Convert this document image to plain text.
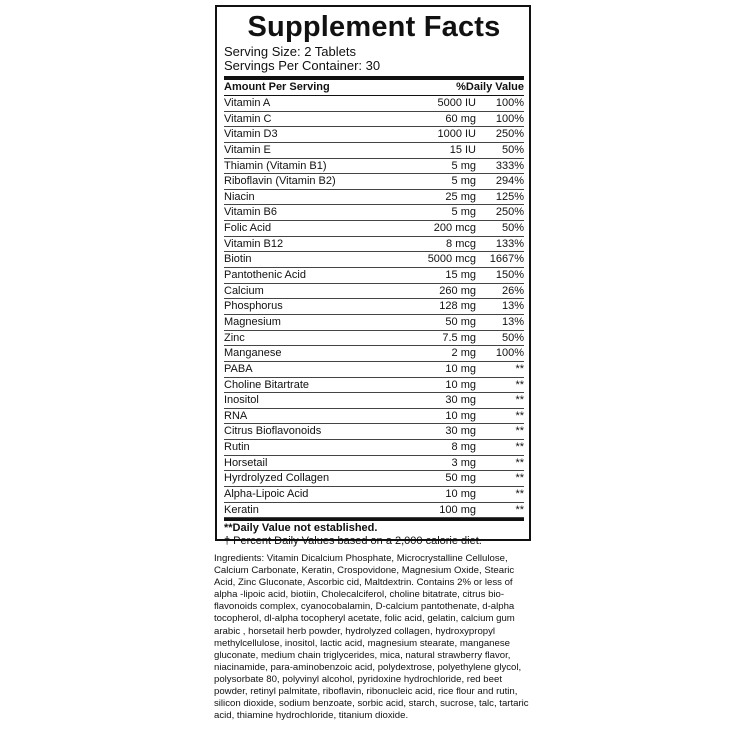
Supplement Facts
Serving Size: 2 Tablets
Servings Per Container: 30
Amount Per Serving	%Daily Value
Vitamin A	5000 IU	100%
Vitamin C	60 mg	100%
Vitamin D3	1000 IU	250%
Vitamin E	15 IU	50%
Thiamin (Vitamin B1)	5 mg	333%
Riboflavin (Vitamin B2)	5 mg	294%
Niacin	25 mg	125%
Vitamin B6	5 mg	250%
Folic Acid	200 mcg	50%
Vitamin B12	8 mcg	133%
Biotin	5000 mcg	1667%
Pantothenic Acid	15 mg	150%
Calcium	260 mg	26%
Phosphorus	128 mg	13%
Magnesium	50 mg	13%
Zinc	7.5 mg	50%
Manganese	2 mg	100%
PABA	10 mg	**
Choline Bitartrate	10 mg	**
Inositol	30 mg	**
RNA	10 mg	**
Citrus Bioflavonoids	30 mg	**
Rutin	8 mg	**
Horsetail	3 mg	**
Hyrdrolyzed Collagen	50 mg	**
Alpha-Lipoic Acid	10 mg	**
Keratin	100 mg	**
**Daily Value not established.
† Percent Daily Values based on a 2,000 calorie diet.
Ingredients: Vitamin Dicalcium Phosphate, Microcrystalline Cellulose, Calcium Carbonate, Keratin, Crospovidone, Magnesium Oxide, Stearic Acid, Zinc Gluconate, Ascorbic cid, Maltdextrin. Contains 2% or less of alpha -lipoic acid, biotiin, Cholecalciferol, choline bitatrate, citrus bio-flavonoids complex, cyanocobalamin, D-calcium pantothenate, d-alpha tocopherol, dl-alpha tocopheryl acetate, folic acid, gelatin, calcium gum arabic , horsetail herb powder, hydrolyzed collagen, hydroxypropyl methylcellulose, inositol, lactic acid, magnesium stearate, manganese gluconate, medium chain triglycerides, mica, natural strawberry flavor, niacinamide, para-aminobenzoic acid, polydextrose, polyethylene glycol, polysorbate 80, polyvinyl alcohol, pyridoxine hydrochloride, red beet powder, retinyl palmitate, riboflavin, ribonucleic acid, rice flour and rutin, silicon dioxide, sodium benzoate, sorbic acid, starch, sucrose, talc, tartaric acid, thiamine hydrochloride, titanium dioxide.
